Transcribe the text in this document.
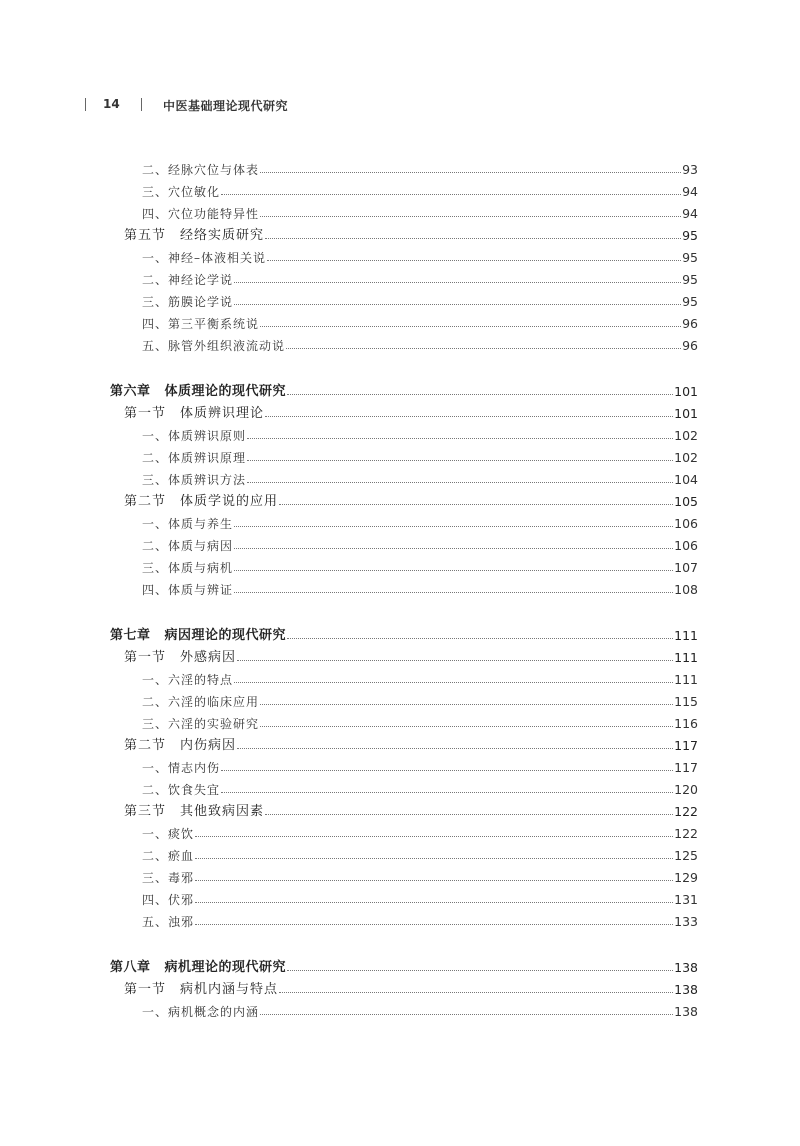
14	中医基础理论现代研究
二、经脉穴位与体表	93
三、穴位敏化	94
四、穴位功能特异性	94
第五节 经络实质研究	95
一、神经–体液相关说	95
二、神经论学说	95
三、筋膜论学说	95
四、第三平衡系统说	96
五、脉管外组织液流动说	96
第六章 体质理论的现代研究	101
第一节 体质辨识理论	101
一、体质辨识原则	102
二、体质辨识原理	102
三、体质辨识方法	104
第二节 体质学说的应用	105
一、体质与养生	106
二、体质与病因	106
三、体质与病机	107
四、体质与辨证	108
第七章 病因理论的现代研究	111
第一节 外感病因	111
一、六淫的特点	111
二、六淫的临床应用	115
三、六淫的实验研究	116
第二节 内伤病因	117
一、情志内伤	117
二、饮食失宜	120
第三节 其他致病因素	122
一、痰饮	122
二、瘀血	125
三、毒邪	129
四、伏邪	131
五、浊邪	133
第八章 病机理论的现代研究	138
第一节 病机内涵与特点	138
一、病机概念的内涵	138
